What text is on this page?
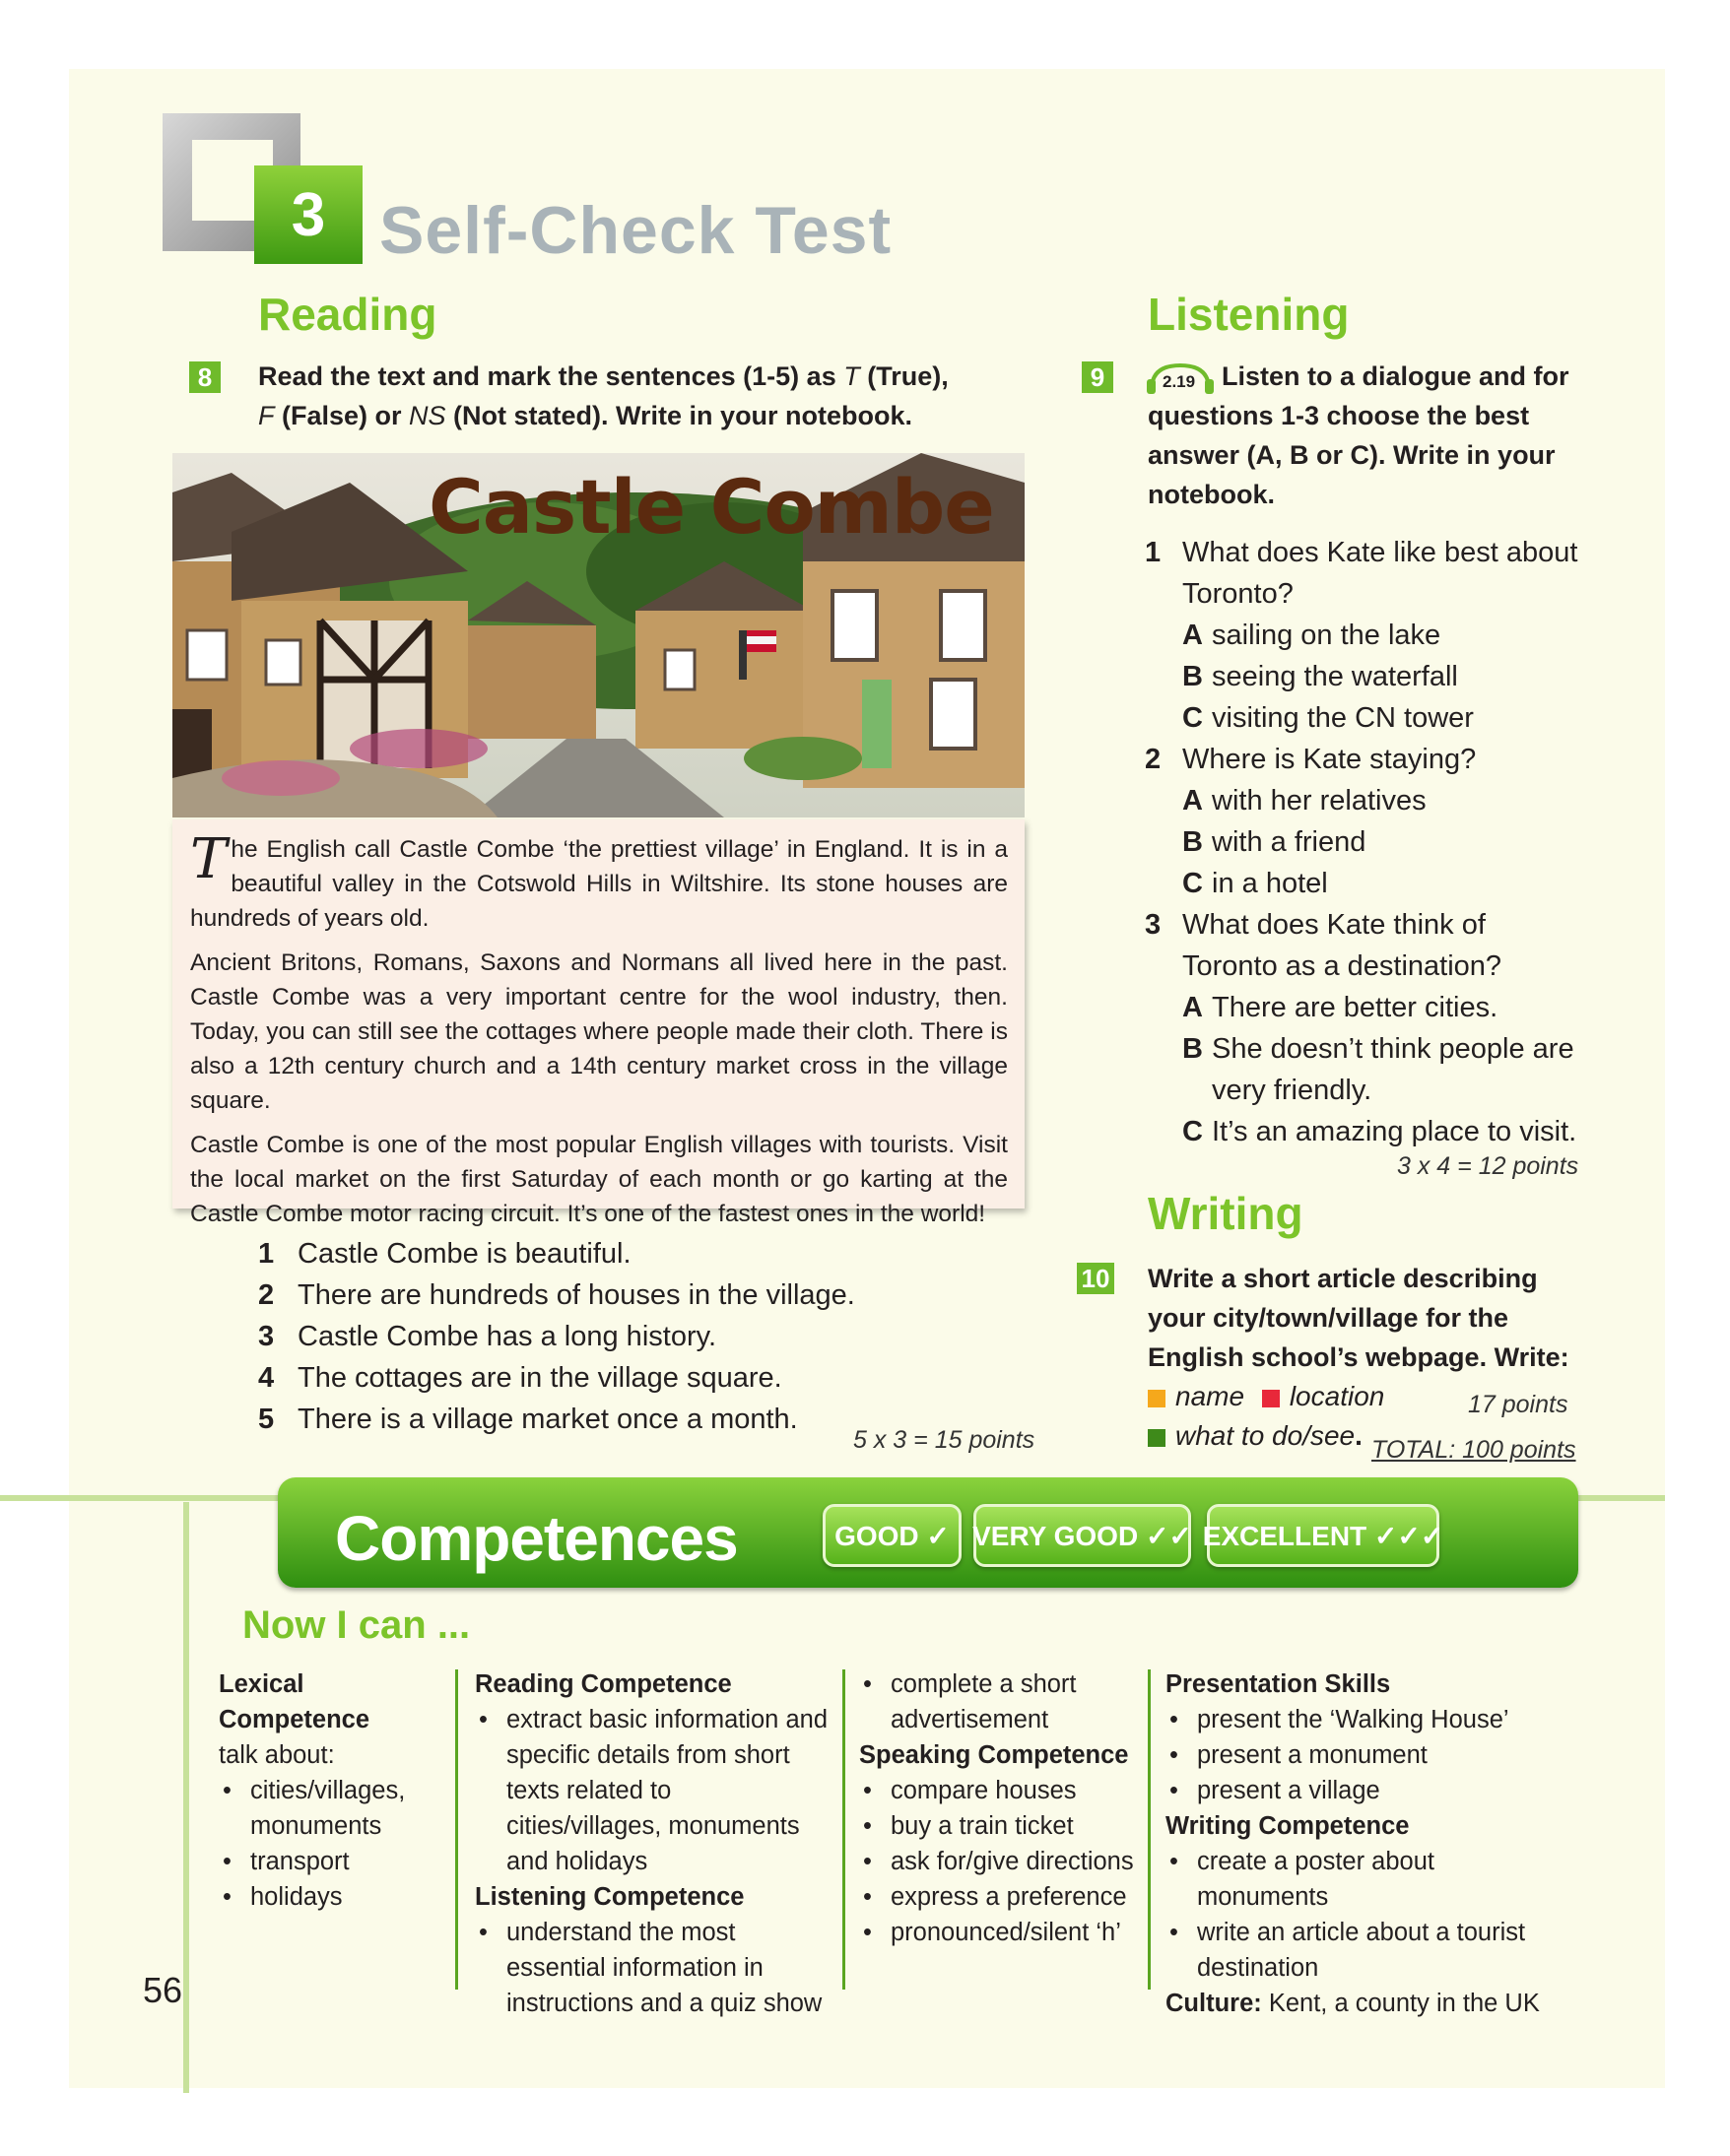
3 Self-Check Test
Reading
8	Read the text and mark the sentences (1-5) as T (True),
F (False) or NS (Not stated). Write in your notebook.
Castle Combe

The English call Castle Combe ‘the prettiest village’ in England. It is in a beautiful valley in the Cotswold Hills in Wiltshire. Its stone houses are hundreds of years old.

Ancient Britons, Romans, Saxons and Normans all lived here in the past. Castle Combe was a very important centre for the wool industry, then. Today, you can still see the cottages where people made their cloth. There is also a 12th century church and a 14th century market cross in the village square.

Castle Combe is one of the most popular English villages with tourists. Visit the local market on the first Saturday of each month or go karting at the Castle Combe motor racing circuit. It’s one of the fastest ones in the world!

1 Castle Combe is beautiful.
2 There are hundreds of houses in the village.
3 Castle Combe has a long history.
4 The cottages are in the village square.
5 There is a village market once a month.
5 x 3 = 15 points
Listening
9	2.19 Listen to a dialogue and for questions 1-3 choose the best answer (A, B or C). Write in your notebook.
1 What does Kate like best about Toronto?
A sailing on the lake
B seeing the waterfall
C visiting the CN tower
2 Where is Kate staying?
A with her relatives
B with a friend
C in a hotel
3 What does Kate think of Toronto as a destination?
A There are better cities.
B She doesn’t think people are very friendly.
C It’s an amazing place to visit.
3 x 4 = 12 points
Writing
10 Write a short article describing your city/town/village for the English school’s webpage. Write:
name location
what to do/see.
17 points
TOTAL: 100 points
Competences	GOOD ✓ VERY GOOD ✓✓ EXCELLENT ✓✓✓
Now I can ...
Lexical Competence
talk about:
• cities/villages, monuments
• transport
• holidays
Reading Competence
• extract basic information and specific details from short texts related to cities/villages, monuments and holidays
Listening Competence
• understand the most essential information in instructions and a quiz show
• complete a short advertisement
Speaking Competence
• compare houses
• buy a train ticket
• ask for/give directions
• express a preference
• pronounced/silent ‘h’
Presentation Skills
• present the ‘Walking House’
• present a monument
• present a village
Writing Competence
• create a poster about monuments
• write an article about a tourist destination
Culture: Kent, a county in the UK
56
